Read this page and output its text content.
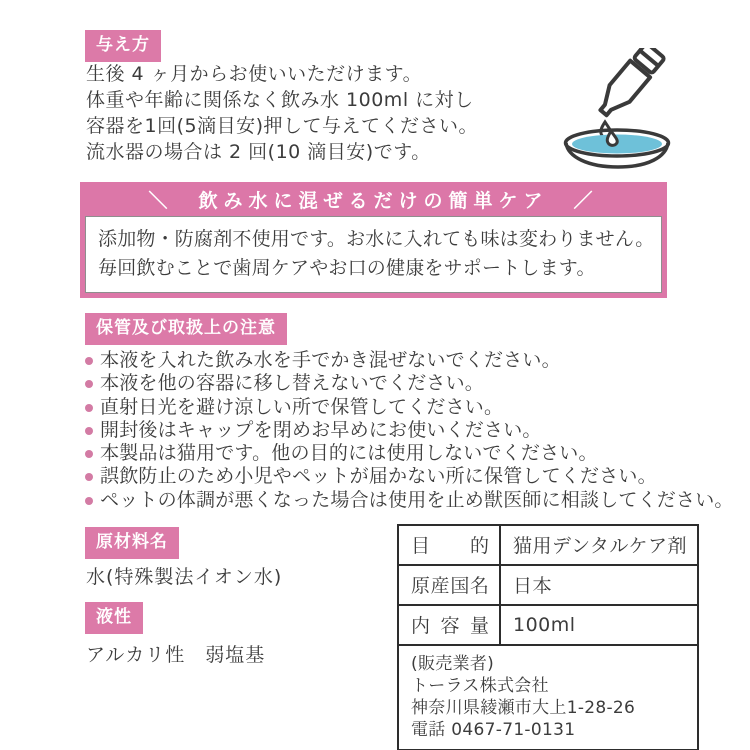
与え方
生後 4 ヶ月からお使いいただけます。
体重や年齢に関係なく飲み水 100ml に対し
容器を1回(5滴目安)押して与えてください。
流水器の場合は 2 回(10 滴目安)です。
＼　飲み水に混ぜるだけの簡単ケア　／
添加物・防腐剤不使用です。お水に入れても味は変わりません。
毎回飲むことで歯周ケアやお口の健康をサポートします。
保管及び取扱上の注意
本液を入れた飲み水を手でかき混ぜないでください。
本液を他の容器に移し替えないでください。
直射日光を避け涼しい所で保管してください。
開封後はキャップを閉めお早めにお使いください。
本製品は猫用です。他の目的には使用しないでください。
誤飲防止のため小児やペットが届かない所に保管してください。
ペットの体調が悪くなった場合は使用を止め獣医師に相談してください。
原材料名
水(特殊製法イオン水)
液性
アルカリ性　弱塩基
目的	猫用デンタルケア剤
原産国名	日本
内容量	100ml

(販売業者)
トーラス株式会社
神奈川県綾瀬市大上1-28-26
電話 0467-71-0131	
